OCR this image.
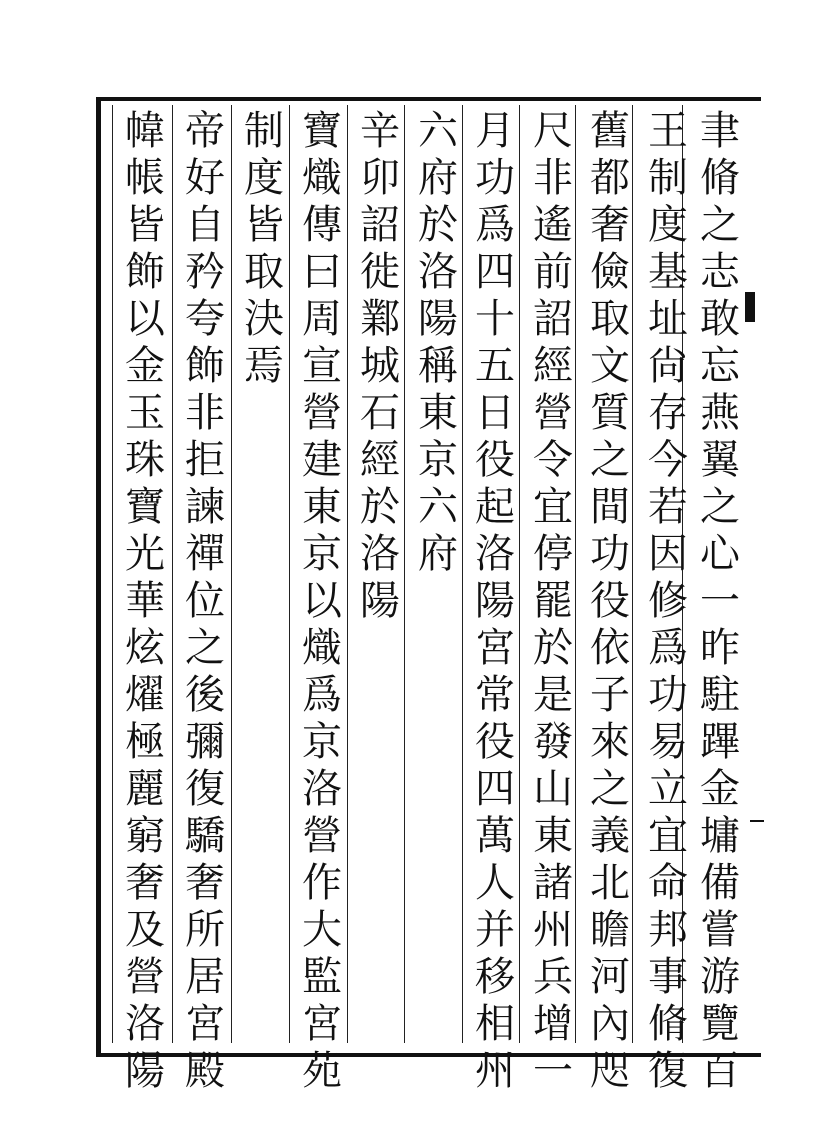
聿
脩
之
志
敢
忘
燕
翼
之
心
一
昨
駐
蹕
金
墉
備
嘗
游
覽
百
王
制
度
基
址
尙
存
今
若
因
修
爲
功
易
立
宜
命
邦
事
脩
復
舊
都
奢
儉
取
文
質
之
間
功
役
依
子
來
之
義
北
瞻
河
內
咫
尺
非
遙
前
詔
經
營
令
宜
停
罷
於
是
發
山
東
諸
州
兵
增
一
月
功
爲
四
十
五
日
役
起
洛
陽
宮
常
役
四
萬
人
并
移
相
州
六
府
於
洛
陽
稱
東
京
六
府
辛
卯
詔
徙
鄴
城
石
經
於
洛
陽
寶
熾
傳
曰
周
宣
營
建
東
京
以
熾
爲
京
洛
營
作
大
監
宮
苑
制
度
皆
取
決
焉
帝
好
自
矜
夸
飾
非
拒
諫
禪
位
之
後
彌
復
驕
奢
所
居
宮
殿
幃
帳
皆
飾
以
金
玉
珠
寶
光
華
炫
燿
極
麗
窮
奢
及
營
洛
陽
